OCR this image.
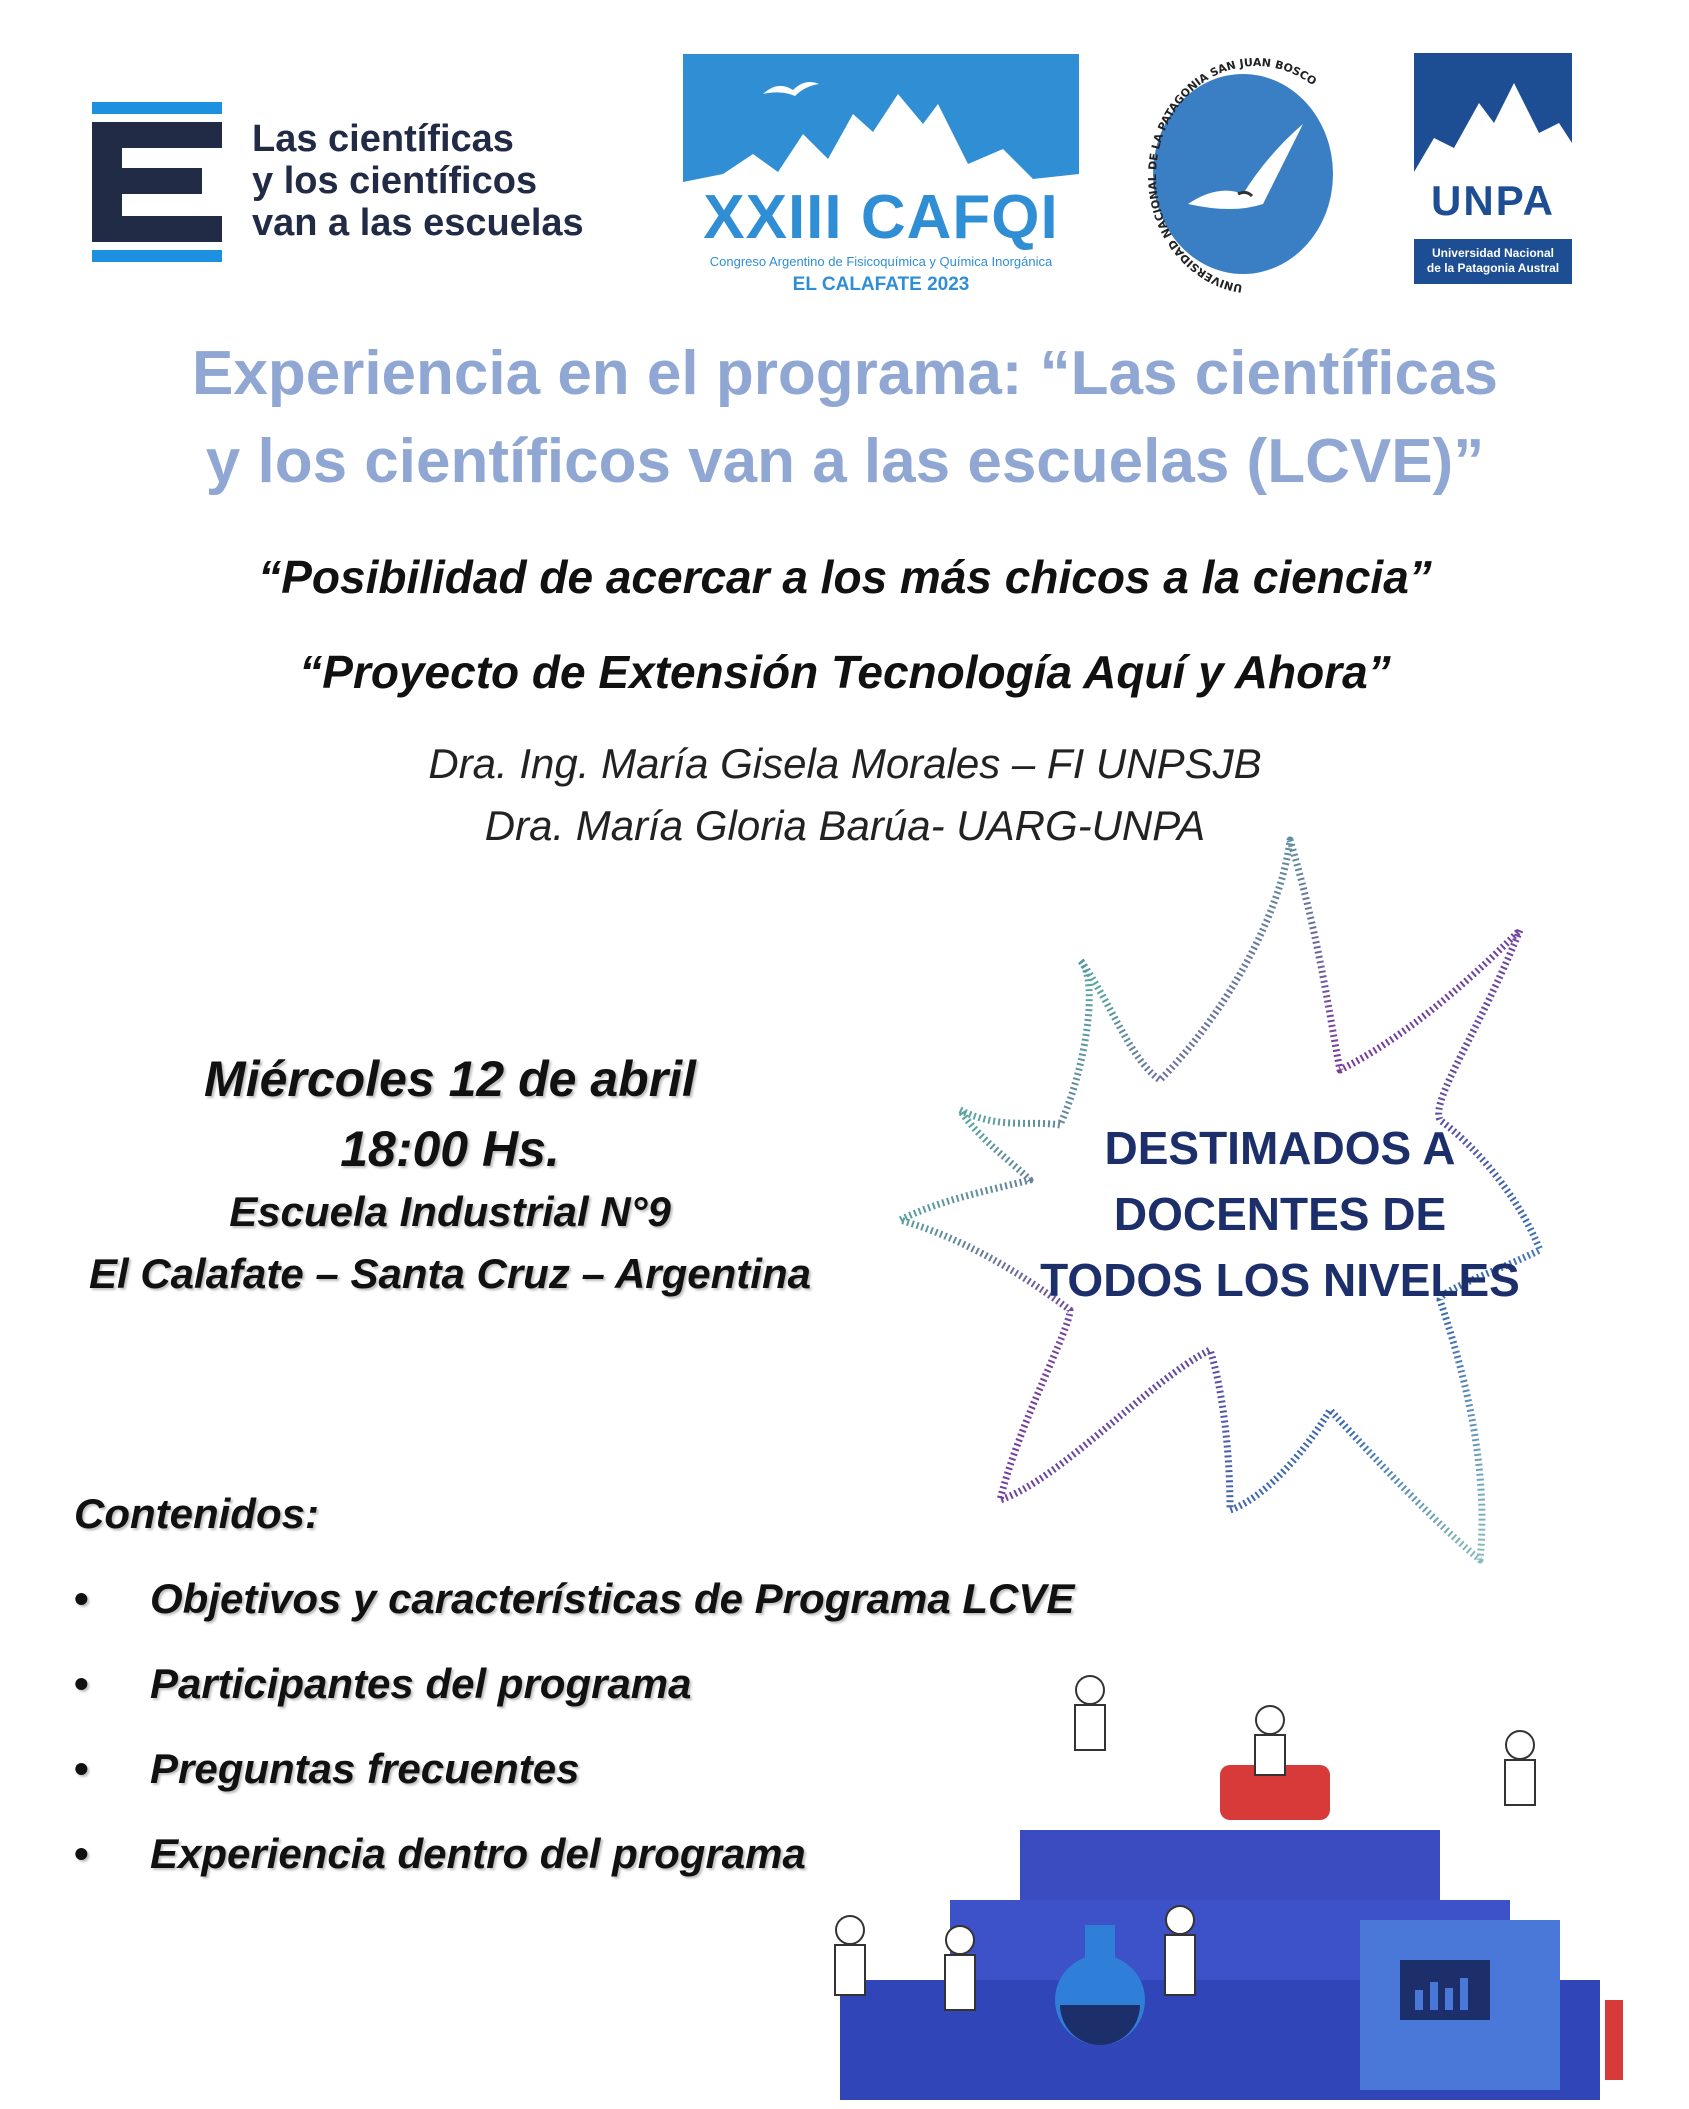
Las científicas
y los científicos
van a las escuelas	XXIII CAFQI
Congreso Argentino de Fisicoquímica y Química Inorgánica
EL CALAFATE 2023	UNIVERSIDAD NACIONAL DE LA PATAGONIA SAN JUAN BOSCO
UNPA
Universidad Nacional
de la Patagonia Austral
Experiencia en el programa: “Las científicas
y los científicos van a las escuelas (LCVE)”
“Posibilidad de acercar a los más chicos a la ciencia”
“Proyecto de Extensión Tecnología Aquí y Ahora”
Dra. Ing. María Gisela Morales – FI UNPSJB
Dra. María Gloria Barúa- UARG-UNPA
Miércoles 12 de abril
18:00 Hs.
Escuela Industrial N°9
El Calafate – Santa Cruz – Argentina
DESTIMADOS A
DOCENTES DE
TODOS LOS NIVELES
Contenidos:
• Objetivos y características de Programa LCVE
• Participantes del programa
• Preguntas frecuentes
• Experiencia dentro del programa
